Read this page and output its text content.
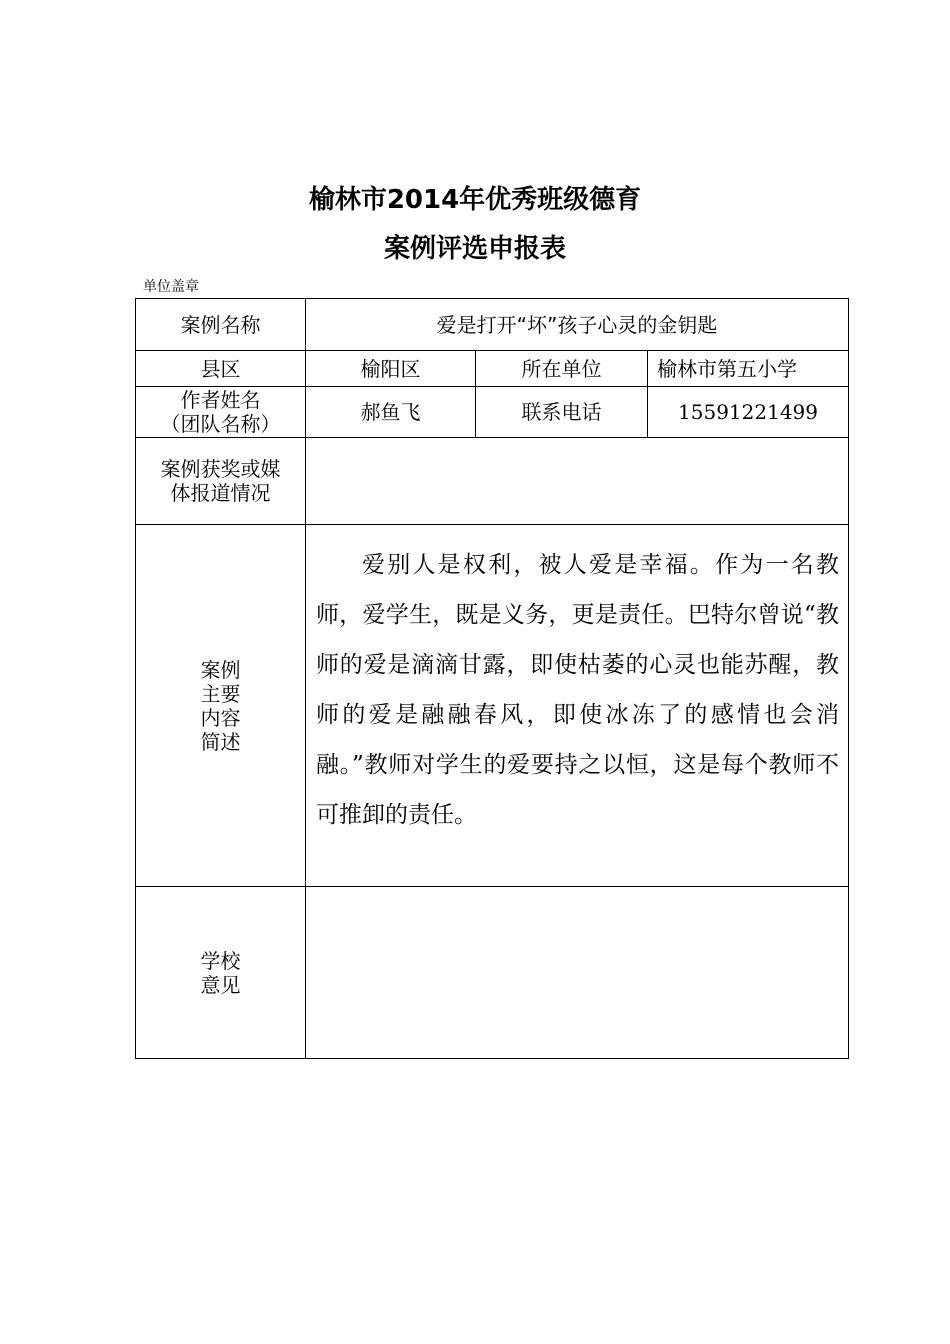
榆林市2014年优秀班级德育
案例评选申报表
单位盖章
案例名称	爱是打开“坏”孩子心灵的金钥匙		
县区	榆阳区	所在单位	榆林市第五小学

作者姓名
（团队名称）	郝鱼飞	联系电话	15591221499

案例获奖或媒
体报道情况			

案例
主要
内容
简述	爱别人是权利，被人爱是幸福。作为一名教师，爱学生，既是义务，更是责任。巴特尔曾说“教师的爱是滴滴甘露，即使枯萎的心灵也能苏醒，教师的爱是融融春风，即使冰冻了的感情也会消融。”教师对学生的爱要持之以恒，这是每个教师不可推卸的责任。		

学校
意见			
